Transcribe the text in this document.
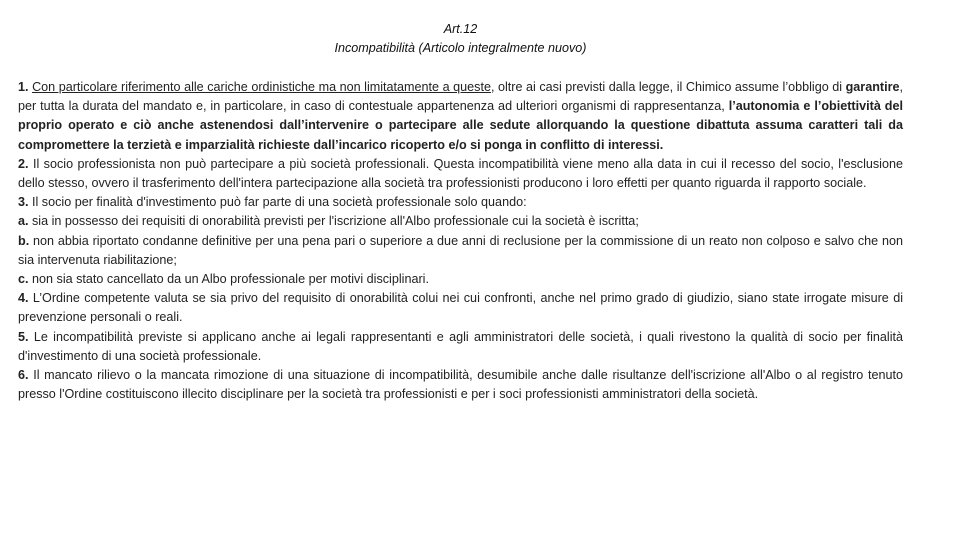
Art.12
Incompatibilità (Articolo integralmente nuovo)

1. Con particolare riferimento alle cariche ordinistiche ma non limitatamente a queste, oltre ai casi previsti dalla legge, il Chimico assume l’obbligo di garantire, per tutta la durata del mandato e, in particolare, in caso di contestuale appartenenza ad ulteriori organismi di rappresentanza, l’autonomia e l’obiettività del proprio operato e ciò anche astenendosi dall’intervenire o partecipare alle sedute allorquando la questione dibattuta assuma caratteri tali da compromettere la terzietà e imparzialità richieste dall’incarico ricoperto e/o si ponga in conflitto di interessi.

2. Il socio professionista non può partecipare a più società professionali. Questa incompatibilità viene meno alla data in cui il recesso del socio, l'esclusione dello stesso, ovvero il trasferimento dell'intera partecipazione alla società tra professionisti producono i loro effetti per quanto riguarda il rapporto sociale.

3. Il socio per finalità d'investimento può far parte di una società professionale solo quando:

a. sia in possesso dei requisiti di onorabilità previsti per l'iscrizione all'Albo professionale cui la società è iscritta;

b. non abbia riportato condanne definitive per una pena pari o superiore a due anni di reclusione per la commissione di un reato non colposo e salvo che non sia intervenuta riabilitazione;

c. non sia stato cancellato da un Albo professionale per motivi disciplinari.

4. L’Ordine competente valuta se sia privo del requisito di onorabilità colui nei cui confronti, anche nel primo grado di giudizio, siano state irrogate misure di prevenzione personali o reali.

5. Le incompatibilità previste si applicano anche ai legali rappresentanti e agli amministratori delle società, i quali rivestono la qualità di socio per finalità d'investimento di una società professionale.

6. Il mancato rilievo o la mancata rimozione di una situazione di incompatibilità, desumibile anche dalle risultanze dell'iscrizione all'Albo o al registro tenuto presso l'Ordine costituiscono illecito disciplinare per la società tra professionisti e per i soci professionisti amministratori della società.
